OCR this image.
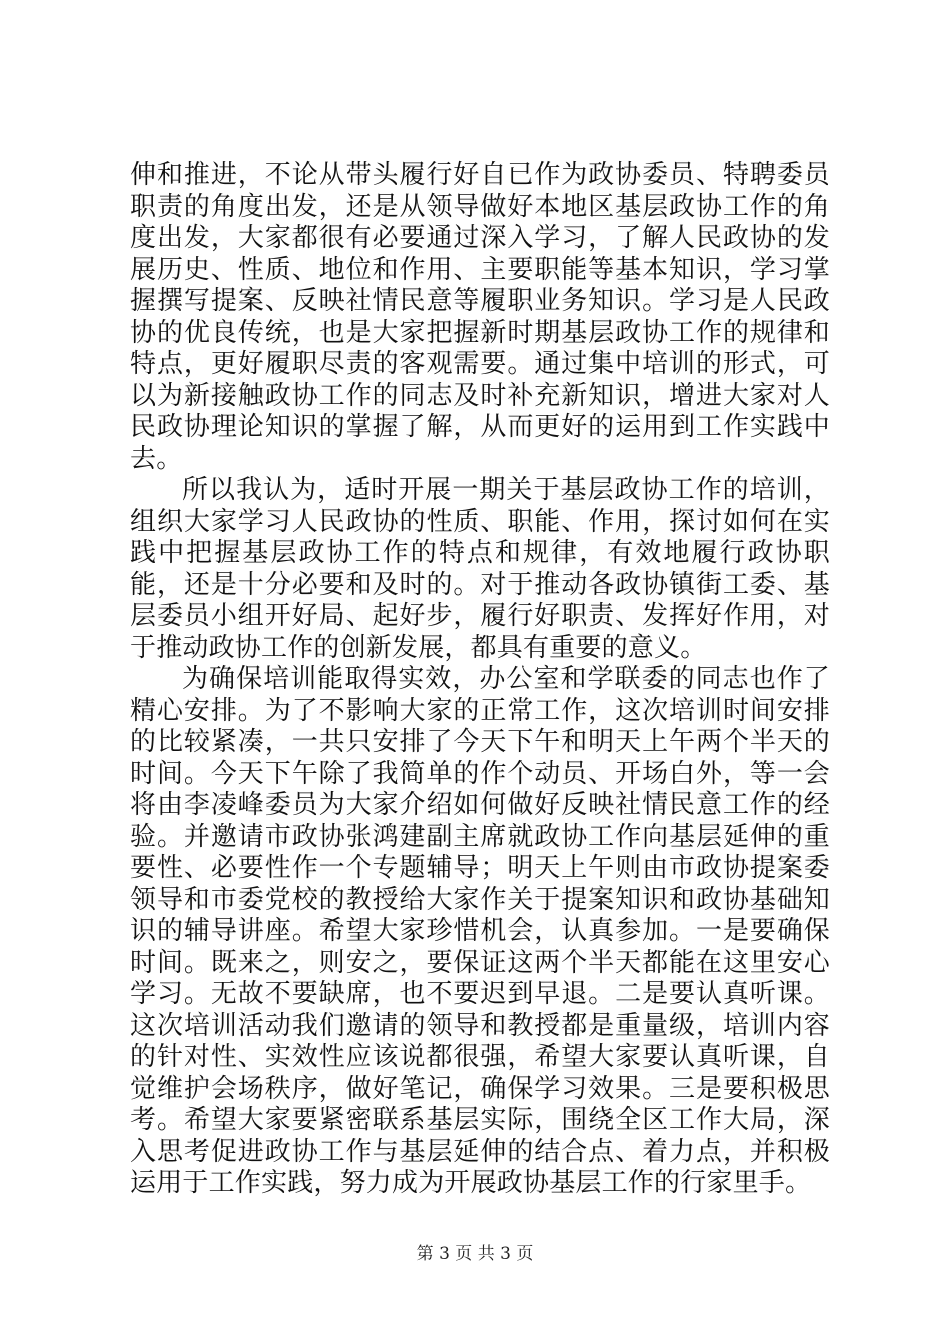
伸和推进，不论从带头履行好自已作为政协委员、特聘委员职责的角度出发，还是从领导做好本地区基层政协工作的角度出发，大家都很有必要通过深入学习，了解人民政协的发展历史、性质、地位和作用、主要职能等基本知识，学习掌握撰写提案、反映社情民意等履职业务知识。学习是人民政协的优良传统，也是大家把握新时期基层政协工作的规律和特点，更好履职尽责的客观需要。通过集中培训的形式，可以为新接触政协工作的同志及时补充新知识，增进大家对人民政协理论知识的掌握了解，从而更好的运用到工作实践中去。

所以我认为，适时开展一期关于基层政协工作的培训，组织大家学习人民政协的性质、职能、作用，探讨如何在实践中把握基层政协工作的特点和规律，有效地履行政协职能，还是十分必要和及时的。对于推动各政协镇街工委、基层委员小组开好局、起好步，履行好职责、发挥好作用，对于推动政协工作的创新发展，都具有重要的意义。

为确保培训能取得实效，办公室和学联委的同志也作了精心安排。为了不影响大家的正常工作，这次培训时间安排的比较紧凑，一共只安排了今天下午和明天上午两个半天的时间。今天下午除了我简单的作个动员、开场白外，等一会将由李凌峰委员为大家介绍如何做好反映社情民意工作的经验。并邀请市政协张鸿建副主席就政协工作向基层延伸的重要性、必要性作一个专题辅导；明天上午则由市政协提案委领导和市委党校的教授给大家作关于提案知识和政协基础知识的辅导讲座。希望大家珍惜机会，认真参加。一是要确保时间。既来之，则安之，要保证这两个半天都能在这里安心学习。无故不要缺席，也不要迟到早退。二是要认真听课。这次培训活动我们邀请的领导和教授都是重量级，培训内容的针对性、实效性应该说都很强，希望大家要认真听课，自觉维护会场秩序，做好笔记，确保学习效果。三是要积极思考。希望大家要紧密联系基层实际，围绕全区工作大局，深入思考促进政协工作与基层延伸的结合点、着力点，并积极运用于工作实践，努力成为开展政协基层工作的行家里手。

第 3 页 共 3 页
